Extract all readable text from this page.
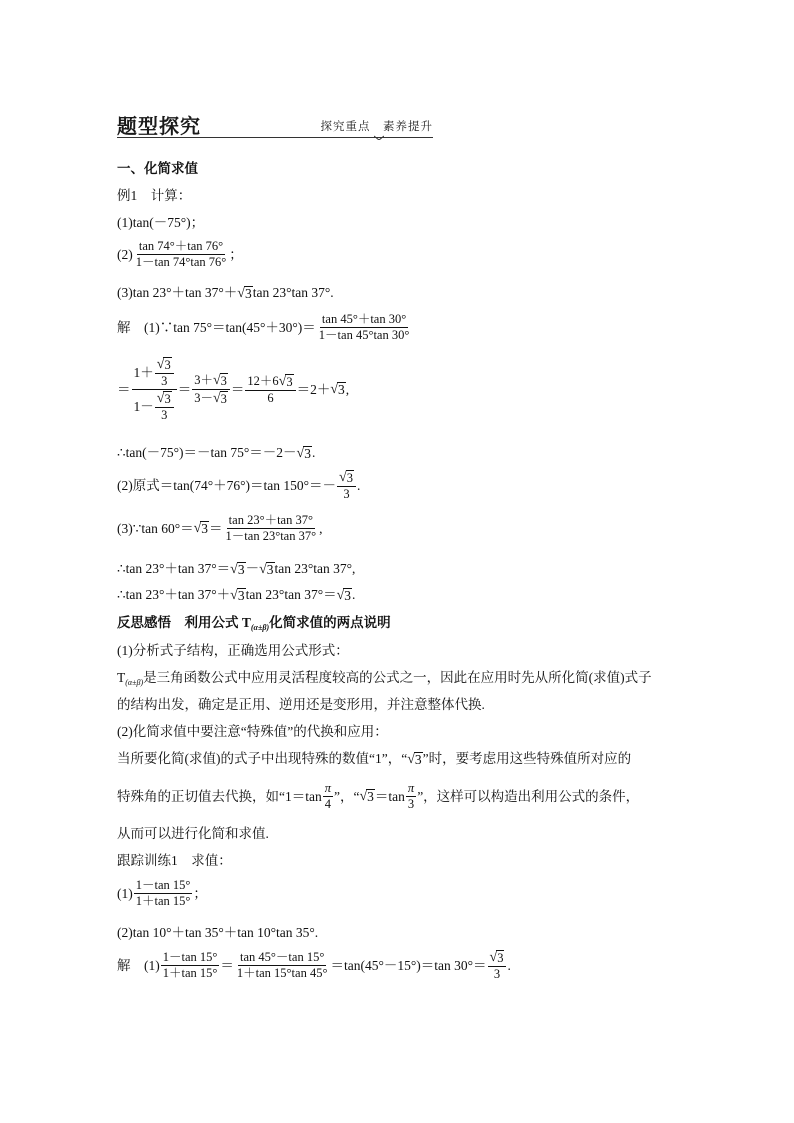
题型探究	探究重点　素养提升
一、化简求值
例1　计算：
(1)tan(－75°)；
$(2) \frac{\tan 74^\circ+\tan 76^\circ}{1-\tan 74^\circ\tan 76^\circ}$ ；
(3)tan 23°＋tan 37°＋ √ 3 tan 23°tan 37°.
解　(1)∵tan $75^\circ=\tan(45^\circ+30^\circ)= \frac{\tan 45^\circ+\tan 30^\circ}{1-\tan 45^\circ\tan 30^\circ}$
＝ $\frac{1+ \frac{√ 3}{3}}{1- \frac{√ 3}{3}} = \frac{3+ √ 3}{3- √ 3} = \frac{12+6 √ 3}{6} =2+$ √ 3 ,
∴tan(－75°)＝－tan 75°＝－2－ √ 3 .
(2)原式＝tan(74°＋76°)＝tan $150^\circ=- \frac{√ 3}{3}$ .
(3)∵tan 60°＝ √ $3 = \frac{\tan 23^\circ+\tan 37^\circ}{1-\tan 23^\circ\tan 37^\circ}$ ,
∴tan 23°＋tan 37°＝ √ 3 － √ 3 tan 23°tan 37°,
∴tan 23°＋tan 37°＋ √ 3 tan 23°tan 37°＝ √ 3 .
反思感悟　利用公式 $T_{(\alpha\pm\beta)}$化简求值的两点说明
(1)分析式子结构，正确选用公式形式：
$T_{(\alpha\pm\beta)}$是三角函数公式中应用灵活程度较高的公式之一，因此在应用时先从所化简(求值)式子
的结构出发，确定是正用、逆用还是变形用，并注意整体代换.
(2)化简求值中要注意“特殊值”的代换和应用：
当所要化简(求值)的式子中出现特殊的数值“1”，“ √ 3 ”时，要考虑用这些特殊值所对应的
特殊角的正切值去代换，如“$1=\tan \frac{\pi}{4}$ ”，“ √ $3 =\tan \frac{\pi}{3}$ ”，这样可以构造出利用公式的条件，
从而可以进行化简和求值.
跟踪训练1　求值：
$(1) \frac{1-\tan 15^\circ}{1+\tan 15^\circ}$ ；
(2)tan 10°＋tan 35°＋tan 10°tan 35°.
解　$(1) \frac{1-\tan 15^\circ}{1+\tan 15^\circ} = \frac{\tan 45^\circ-\tan 15^\circ}{1+\tan 15^\circ\tan 45^\circ} =\tan(45^\circ-15^\circ)=\tan$ $30^\circ= \frac{√ 3}{3}$ .
